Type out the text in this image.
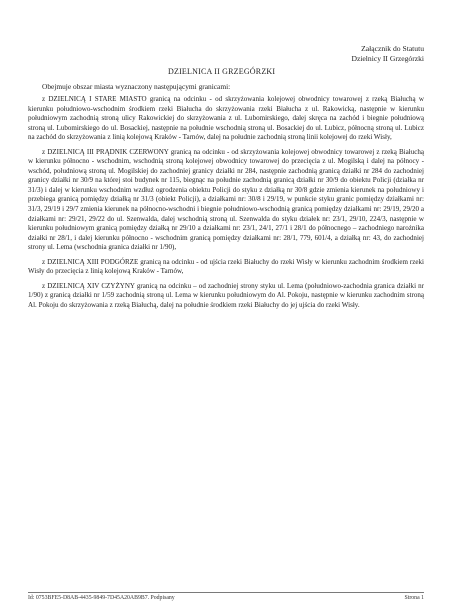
Załącznik do Statutu
Dzielnicy II Grzegórzki
DZIELNICA II GRZEGÓRZKI
Obejmuje obszar miasta wyznaczony następującymi granicami:

z DZIELNICĄ I STARE MIASTO granicą na odcinku - od skrzyżowania kolejowej obwodnicy towarowej z rzeką Białuchą w kierunku południowo-wschodnim środkiem rzeki Białucha do skrzyżowania rzeki Białucha z ul. Rakowicką, następnie w kierunku południowym zachodnią stroną ulicy Rakowickiej do skrzyżowania z ul. Lubomirskiego, dalej skręca na zachód i biegnie południową stroną ul. Lubomirskiego do ul. Bosackiej, następnie na południe wschodnią stroną ul. Bosackiej do ul. Lubicz, północną stroną ul. Lubicz na zachód do skrzyżowania z linią kolejową Kraków - Tarnów, dalej na południe zachodnią stroną linii kolejowej do rzeki Wisły,

z DZIELNICĄ III PRĄDNIK CZERWONY granicą na odcinku - od skrzyżowania kolejowej obwodnicy towarowej z rzeką Białuchą w kierunku północno - wschodnim, wschodnią stroną kolejowej obwodnicy towarowej do przecięcia z ul. Mogilską i dalej na północy - wschód, południową stroną ul. Mogilskiej do zachodniej granicy działki nr 284, następnie zachodnią granicą działki nr 284 do zachodniej granicy działki nr 30/9 na której stoi budynek nr 115, biegnąc na południe zachodnią granicą działki nr 30/9 do obiektu Policji (działka nr 31/3) i dalej w kierunku wschodnim wzdłuż ogrodzenia obiektu Policji do styku z działką nr 30/8 gdzie zmienia kierunek na południowy i przebiega granicą pomiędzy działką nr 31/3 (obiekt Policji), a działkami nr: 30/8 i 29/19, w punkcie styku granic pomiędzy działkami nr: 31/3, 29/19 i 29/7 zmienia kierunek na północno-wschodni i biegnie południowo-wschodnią granicą pomiędzy działkami nr: 29/19, 29/20 a działkami nr: 29/21, 29/22 do ul. Szenwalda, dalej wschodnią stroną ul. Szenwalda do styku działek nr: 23/1, 29/10, 224/3, następnie w kierunku południowym granicą pomiędzy działką nr 29/10 a działkami nr: 23/1, 24/1, 27/1 i 28/1 do północnego – zachodniego narożnika działki nr 28/1, i dalej kierunku północno - wschodnim granicą pomiędzy działkami nr: 28/1, 779, 601/4, a działką nr: 43, do zachodniej strony ul. Lema (wschodnia granica działki nr 1/90),

z DZIELNICĄ XIII PODGÓRZE granicą na odcinku - od ujścia rzeki Białuchy do rzeki Wisły w kierunku zachodnim środkiem rzeki Wisły do przecięcia z linią kolejową Kraków - Tarnów,

z DZIELNICĄ XIV CZYŻYNY granicą na odcinku – od zachodniej strony styku ul. Lema (południowo-zachodnia granica działki nr 1/90) z granicą działki nr 1/59 zachodnią stroną ul. Lema w kierunku południowym do Al. Pokoju, następnie w kierunku zachodnim stroną Al. Pokoju do skrzyżowania z rzeką Białuchą, dalej na południe środkiem rzeki Białuchy do jej ujścia do rzeki Wisły.

Id: 0753BFE5-D8AB-4435-9849-7D45A20AB9B7. Podpisany	Strona 1
